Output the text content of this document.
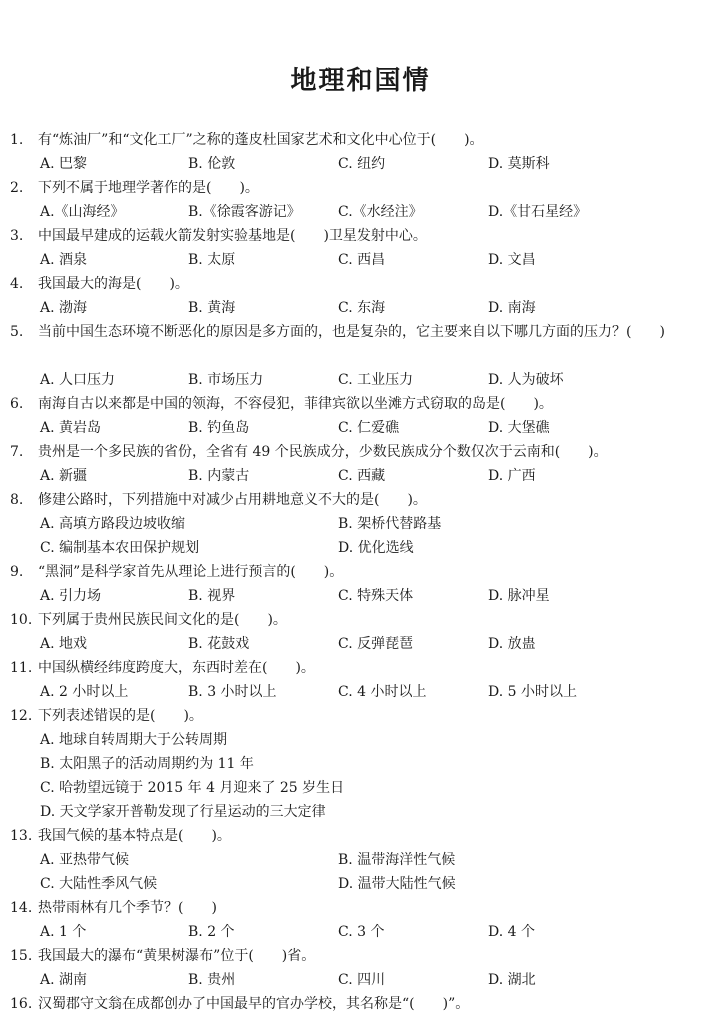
地理和国情
1.	有“炼油厂”和“文化工厂”之称的蓬皮杜国家艺术和文化中心位于(　　)。
A. 巴黎	B. 伦敦	C. 纽约	D. 莫斯科
2.	下列不属于地理学著作的是(　　)。
A.《山海经》	B.《徐霞客游记》	C.《水经注》	D.《甘石星经》
3.	中国最早建成的运载火箭发射实验基地是(　　)卫星发射中心。
A. 酒泉	B. 太原	C. 西昌	D. 文昌
4.	我国最大的海是(　　)。
A. 渤海	B. 黄海	C. 东海	D. 南海
5.	当前中国生态环境不断恶化的原因是多方面的，也是复杂的，它主要来自以下哪几方面的压力？(　　)
A. 人口压力	B. 市场压力	C. 工业压力	D. 人为破坏
6.	南海自古以来都是中国的领海，不容侵犯，菲律宾欲以坐滩方式窃取的岛是(　　)。
A. 黄岩岛	B. 钓鱼岛	C. 仁爱礁	D. 大堡礁
7.	贵州是一个多民族的省份，全省有 49 个民族成分，少数民族成分个数仅次于云南和(　　)。
A. 新疆	B. 内蒙古	C. 西藏	D. 广西
8.	修建公路时，下列措施中对减少占用耕地意义不大的是(　　)。
A. 高填方路段边坡收缩	B. 架桥代替路基
C. 编制基本农田保护规划	D. 优化选线
9.	“黑洞”是科学家首先从理论上进行预言的(　　)。
A. 引力场	B. 视界	C. 特殊天体	D. 脉冲星
10. 下列属于贵州民族民间文化的是(　　)。
A. 地戏	B. 花鼓戏	C. 反弹琵琶	D. 放蛊
11. 中国纵横经纬度跨度大，东西时差在(　　)。
A. 2 小时以上	B. 3 小时以上	C. 4 小时以上	D. 5 小时以上
12. 下列表述错误的是(　　)。
A. 地球自转周期大于公转周期
B. 太阳黑子的活动周期约为 11 年
C. 哈勃望远镜于 2015 年 4 月迎来了 25 岁生日
D. 天文学家开普勒发现了行星运动的三大定律
13. 我国气候的基本特点是(　　)。
A. 亚热带气候	B. 温带海洋性气候
C. 大陆性季风气候	D. 温带大陆性气候
14. 热带雨林有几个季节？(　　)
A. 1 个	B. 2 个	C. 3 个	D. 4 个
15. 我国最大的瀑布“黄果树瀑布”位于(　　)省。
A. 湖南	B. 贵州	C. 四川	D. 湖北
16. 汉蜀郡守文翁在成都创办了中国最早的官办学校，其名称是“(　　)”。
